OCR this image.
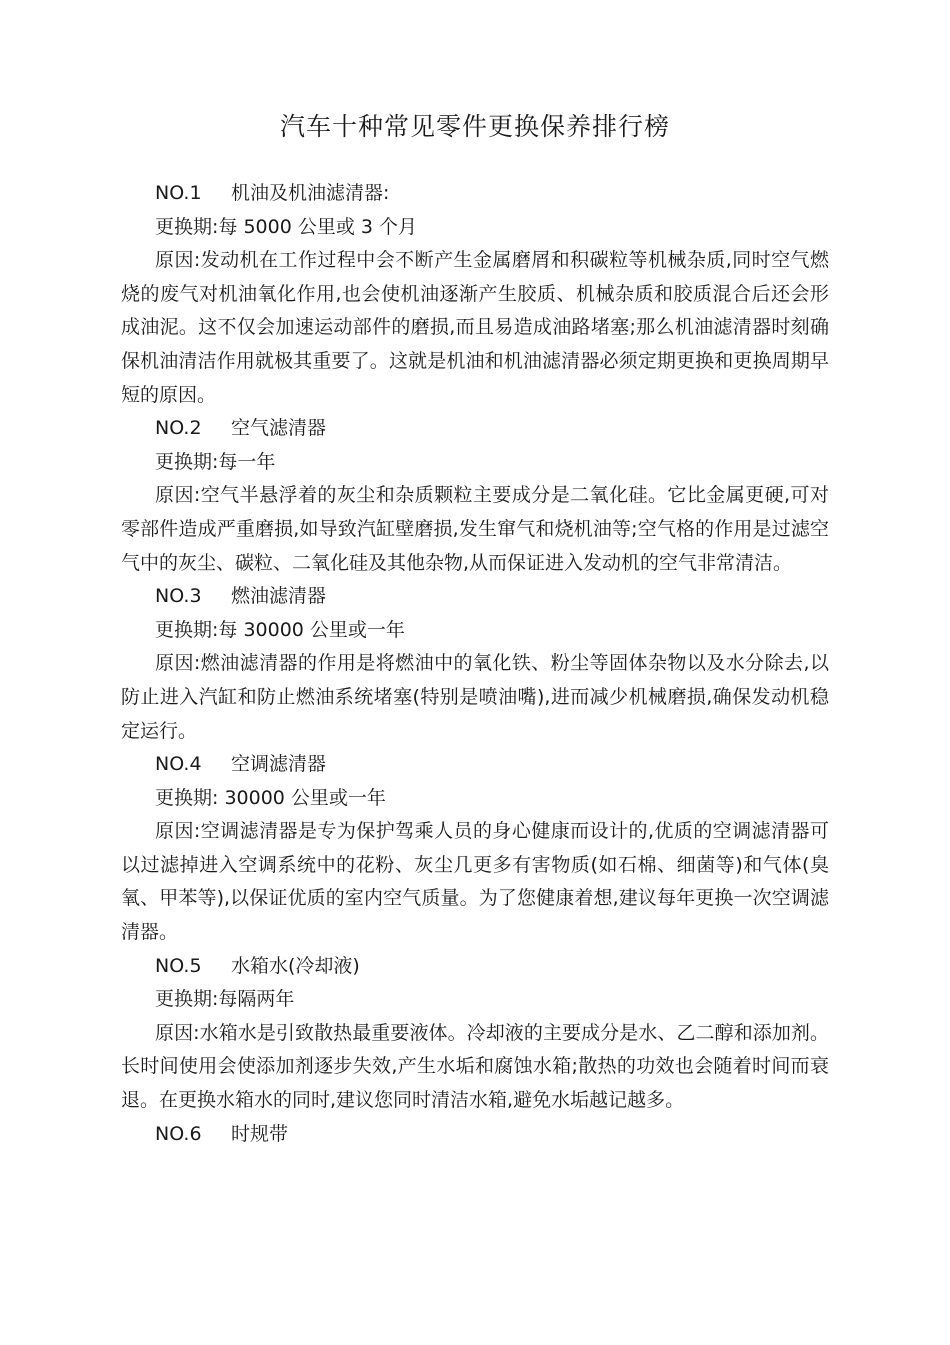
汽车十种常见零件更换保养排行榜

NO.1 机油及机油滤清器:

更换期:每 5000 公里或 3 个月

原因:发动机在工作过程中会不断产生金属磨屑和积碳粒等机械杂质,同时空气燃烧的废气对机油氧化作用,也会使机油逐渐产生胶质、机械杂质和胶质混合后还会形成油泥。这不仅会加速运动部件的磨损,而且易造成油路堵塞;那么机油滤清器时刻确保机油清洁作用就极其重要了。这就是机油和机油滤清器必须定期更换和更换周期早短的原因。

NO.2 空气滤清器

更换期:每一年

原因:空气半悬浮着的灰尘和杂质颗粒主要成分是二氧化硅。它比金属更硬,可对零部件造成严重磨损,如导致汽缸壁磨损,发生窜气和烧机油等;空气格的作用是过滤空气中的灰尘、碳粒、二氧化硅及其他杂物,从而保证进入发动机的空气非常清洁。

NO.3 燃油滤清器

更换期:每 30000 公里或一年

原因:燃油滤清器的作用是将燃油中的氧化铁、粉尘等固体杂物以及水分除去,以防止进入汽缸和防止燃油系统堵塞(特别是喷油嘴),进而减少机械磨损,确保发动机稳定运行。

NO.4 空调滤清器

更换期: 30000 公里或一年

原因:空调滤清器是专为保护驾乘人员的身心健康而设计的,优质的空调滤清器可以过滤掉进入空调系统中的花粉、灰尘几更多有害物质(如石棉、细菌等)和气体(臭氧、甲苯等),以保证优质的室内空气质量。为了您健康着想,建议每年更换一次空调滤清器。

NO.5 水箱水(冷却液)

更换期:每隔两年

原因:水箱水是引致散热最重要液体。冷却液的主要成分是水、乙二醇和添加剂。长时间使用会使添加剂逐步失效,产生水垢和腐蚀水箱;散热的功效也会随着时间而衰退。在更换水箱水的同时,建议您同时清洁水箱,避免水垢越记越多。

NO.6 时规带
